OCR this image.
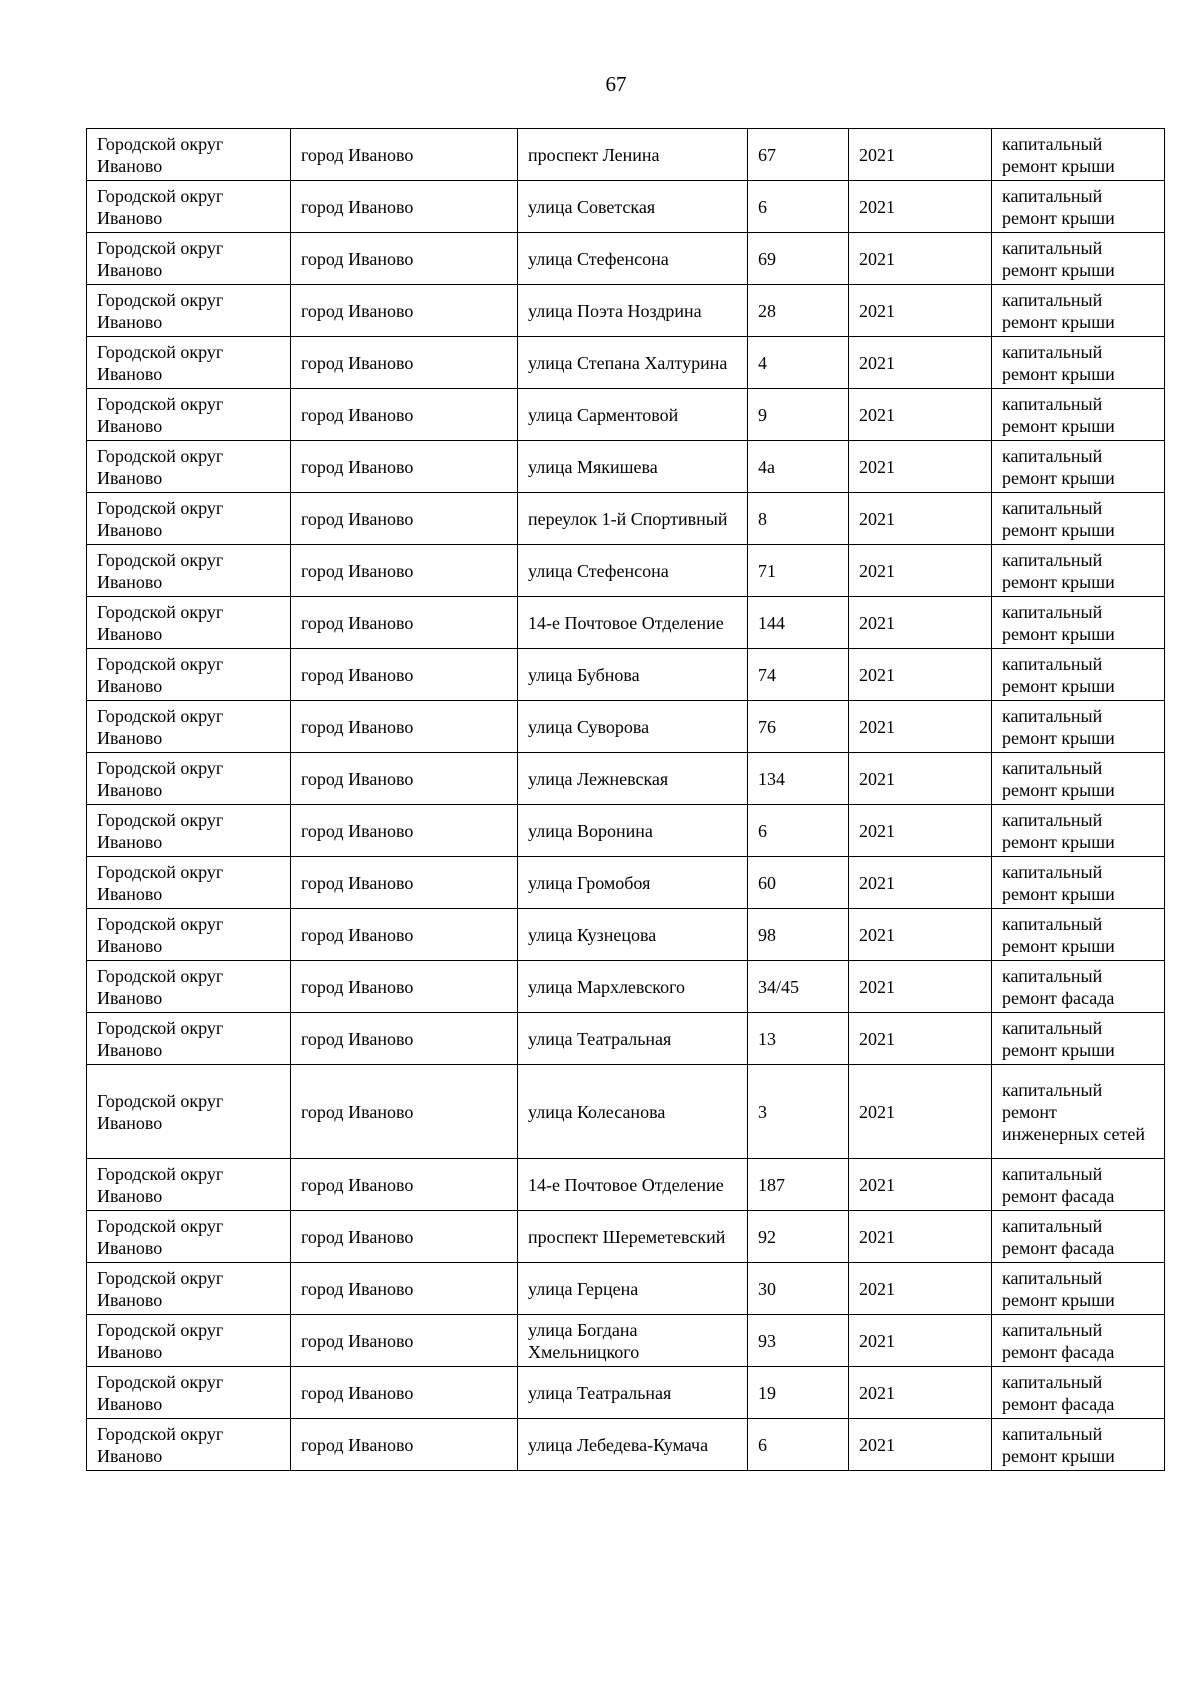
67
Городской округ Иваново	город Иваново	проспект Ленина	67	2021	капитальный ремонт крыши
Городской округ Иваново	город Иваново	улица Советская	6	2021	капитальный ремонт крыши
Городской округ Иваново	город Иваново	улица Стефенсона	69	2021	капитальный ремонт крыши
Городской округ Иваново	город Иваново	улица Поэта Ноздрина	28	2021	капитальный ремонт крыши
Городской округ Иваново	город Иваново	улица Степана Халтурина	4	2021	капитальный ремонт крыши
Городской округ Иваново	город Иваново	улица Сарментовой	9	2021	капитальный ремонт крыши
Городской округ Иваново	город Иваново	улица Мякишева	4а	2021	капитальный ремонт крыши
Городской округ Иваново	город Иваново	переулок 1-й Спортивный	8	2021	капитальный ремонт крыши
Городской округ Иваново	город Иваново	улица Стефенсона	71	2021	капитальный ремонт крыши
Городской округ Иваново	город Иваново	14-е Почтовое Отделение	144	2021	капитальный ремонт крыши
Городской округ Иваново	город Иваново	улица Бубнова	74	2021	капитальный ремонт крыши
Городской округ Иваново	город Иваново	улица Суворова	76	2021	капитальный ремонт крыши
Городской округ Иваново	город Иваново	улица Лежневская	134	2021	капитальный ремонт крыши
Городской округ Иваново	город Иваново	улица Воронина	6	2021	капитальный ремонт крыши
Городской округ Иваново	город Иваново	улица Громобоя	60	2021	капитальный ремонт крыши
Городской округ Иваново	город Иваново	улица Кузнецова	98	2021	капитальный ремонт крыши
Городской округ Иваново	город Иваново	улица Мархлевского	34/45	2021	капитальный ремонт фасада
Городской округ Иваново	город Иваново	улица Театральная	13	2021	капитальный ремонт крыши
Городской округ Иваново	город Иваново	улица Колесанова	3	2021	капитальный ремонт инженерных сетей
Городской округ Иваново	город Иваново	14-е Почтовое Отделение	187	2021	капитальный ремонт фасада
Городской округ Иваново	город Иваново	проспект Шереметевский	92	2021	капитальный ремонт фасада
Городской округ Иваново	город Иваново	улица Герцена	30	2021	капитальный ремонт крыши
Городской округ Иваново	город Иваново	улица Богдана Хмельницкого	93	2021	капитальный ремонт фасада
Городской округ Иваново	город Иваново	улица Театральная	19	2021	капитальный ремонт фасада
Городской округ Иваново	город Иваново	улица Лебедева-Кумача	6	2021	капитальный ремонт крыши
